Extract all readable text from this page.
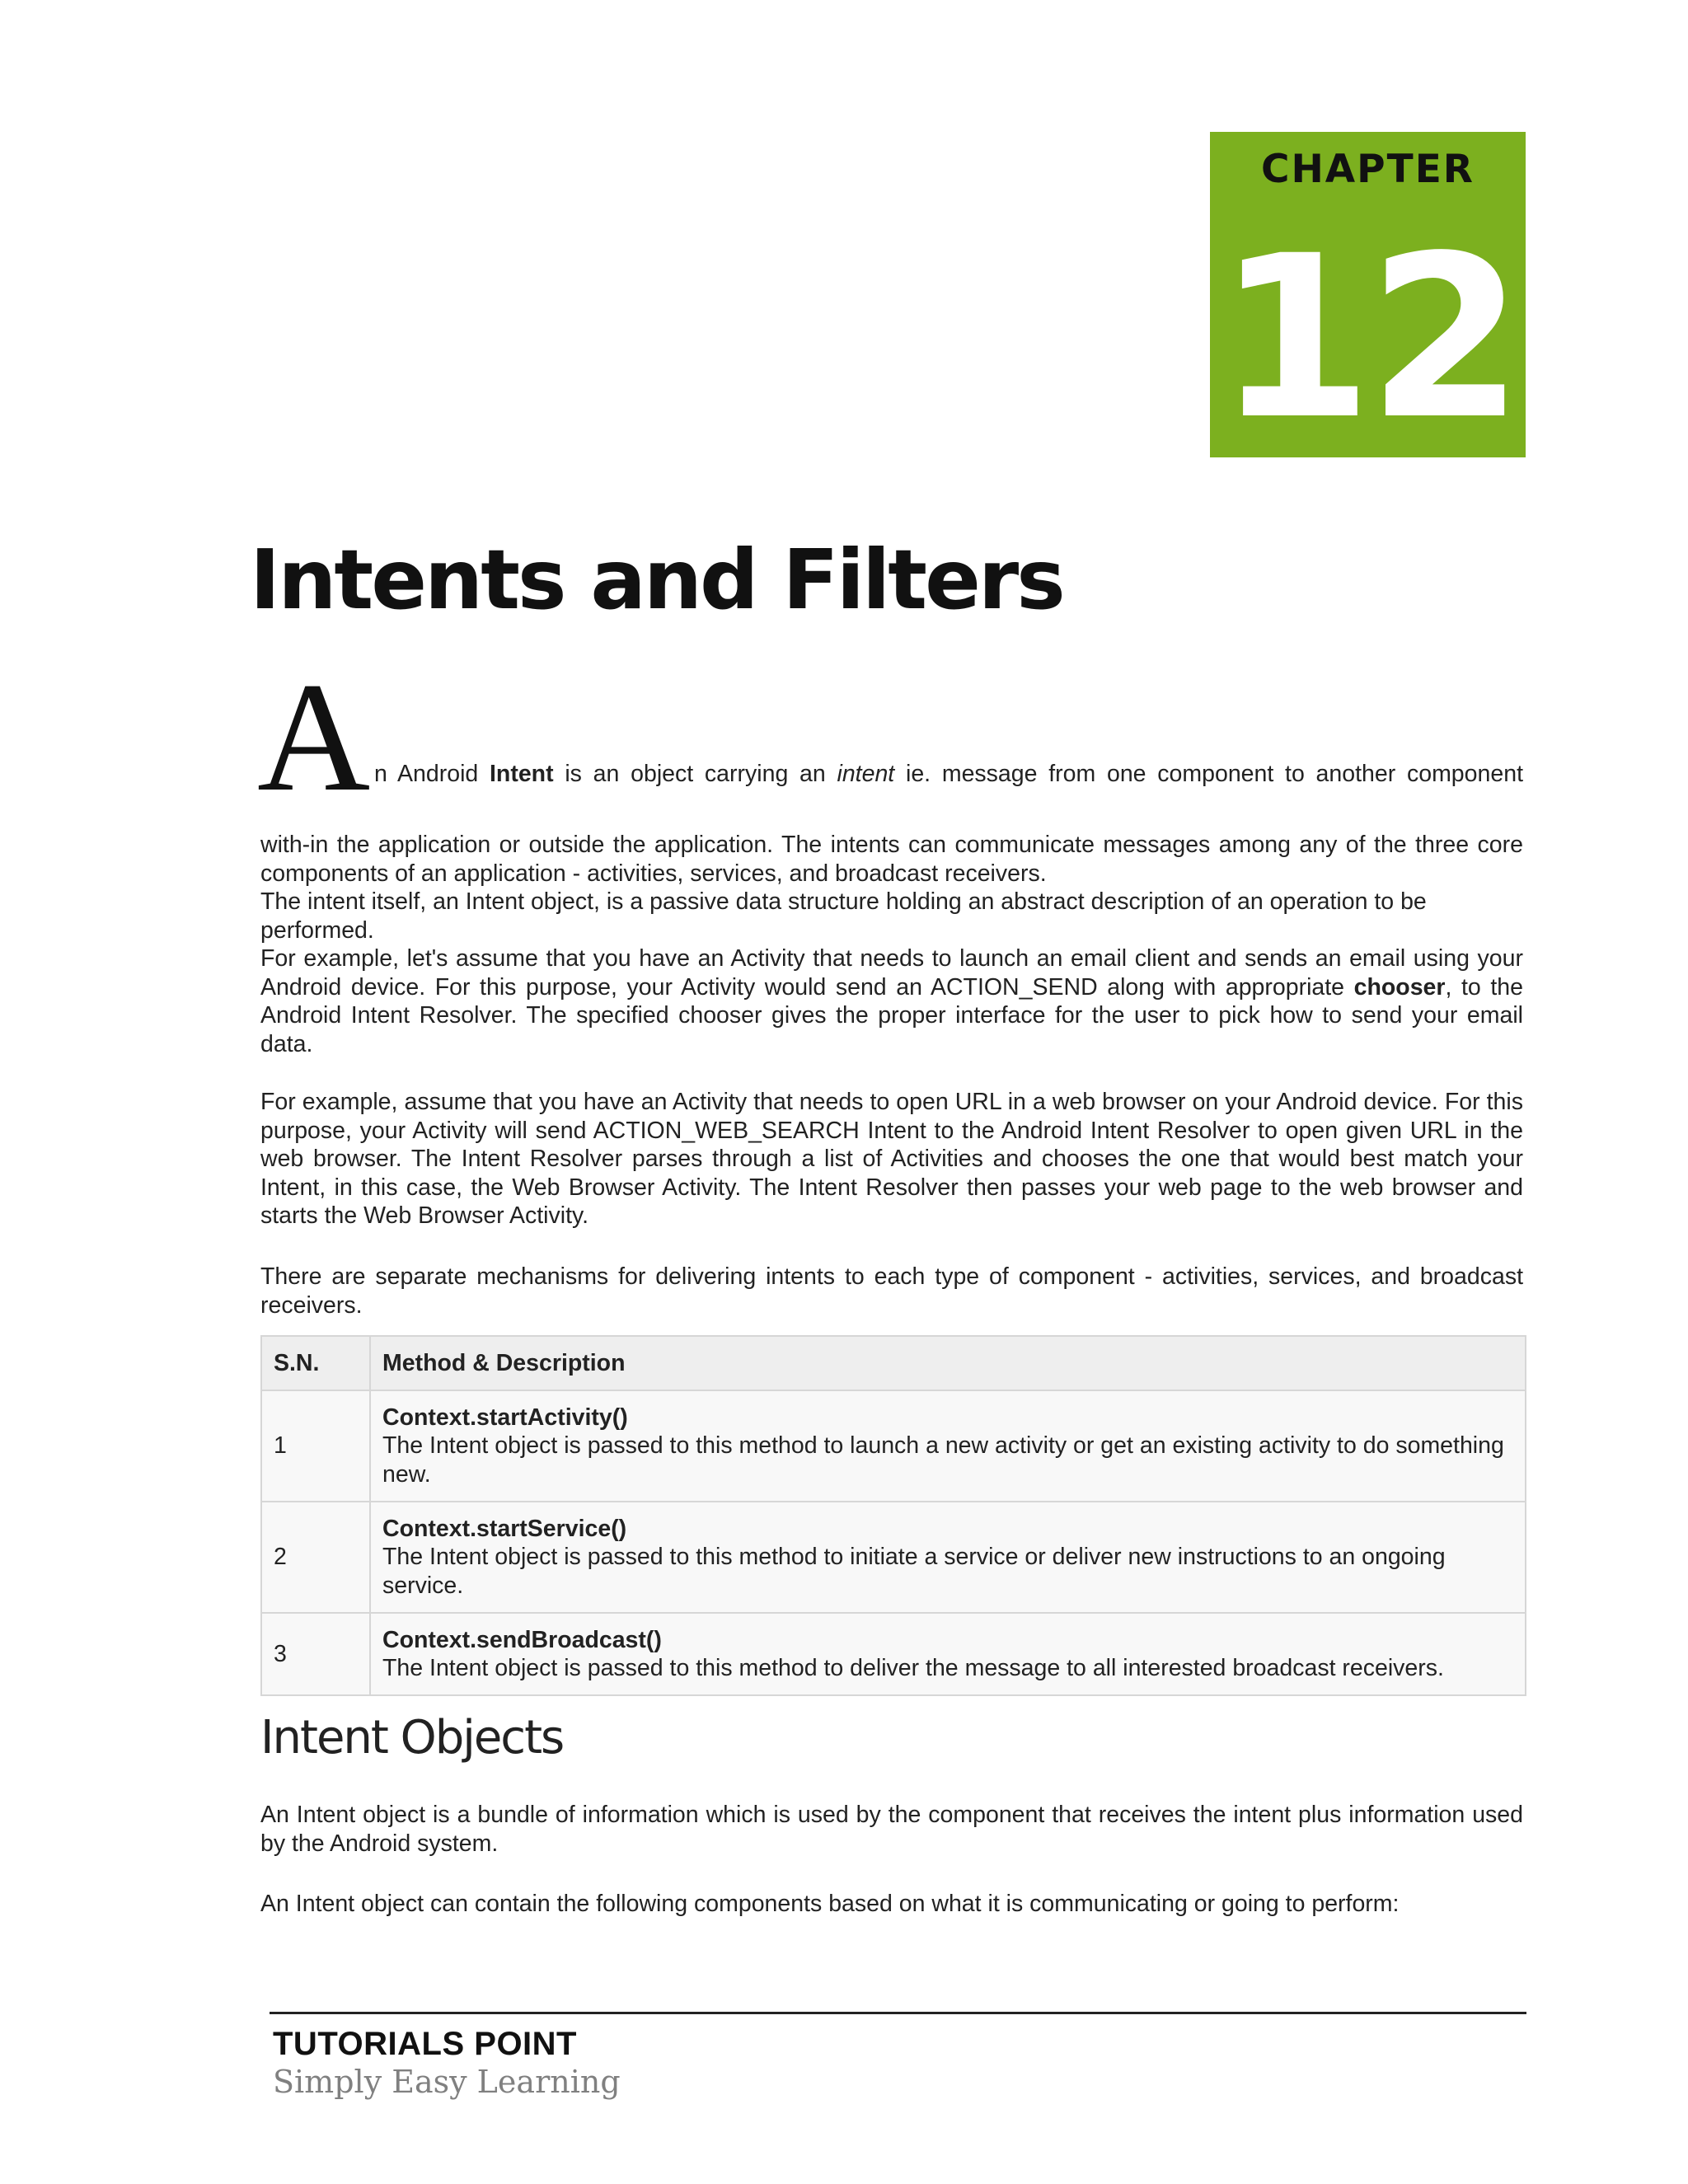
CHAPTER
12
Intents and Filters
A n Android Intent is an object carrying an intent ie. message from one component to another component

with-in the application or outside the application. The intents can communicate messages among any of the three core components of an application - activities, services, and broadcast receivers.

The intent itself, an Intent object, is a passive data structure holding an abstract description of an operation to be performed.

For example, let's assume that you have an Activity that needs to launch an email client and sends an email using your Android device. For this purpose, your Activity would send an ACTION_SEND along with appropriate chooser, to the Android Intent Resolver. The specified chooser gives the proper interface for the user to pick how to send your email data.

For example, assume that you have an Activity that needs to open URL in a web browser on your Android device. For this purpose, your Activity will send ACTION_WEB_SEARCH Intent to the Android Intent Resolver to open given URL in the web browser. The Intent Resolver parses through a list of Activities and chooses the one that would best match your Intent, in this case, the Web Browser Activity. The Intent Resolver then passes your web page to the web browser and starts the Web Browser Activity.

There are separate mechanisms for delivering intents to each type of component - activities, services, and broadcast receivers.

S.N.	Method & Description
1	Context.startActivity()
The Intent object is passed to this method to launch a new activity or get an existing activity to do something new.
2	Context.startService()
The Intent object is passed to this method to initiate a service or deliver new instructions to an ongoing service.
3	Context.sendBroadcast()
The Intent object is passed to this method to deliver the message to all interested broadcast receivers.
Intent Objects

An Intent object is a bundle of information which is used by the component that receives the intent plus information used by the Android system.

An Intent object can contain the following components based on what it is communicating or going to perform:

TUTORIALS POINT
Simply Easy Learning
